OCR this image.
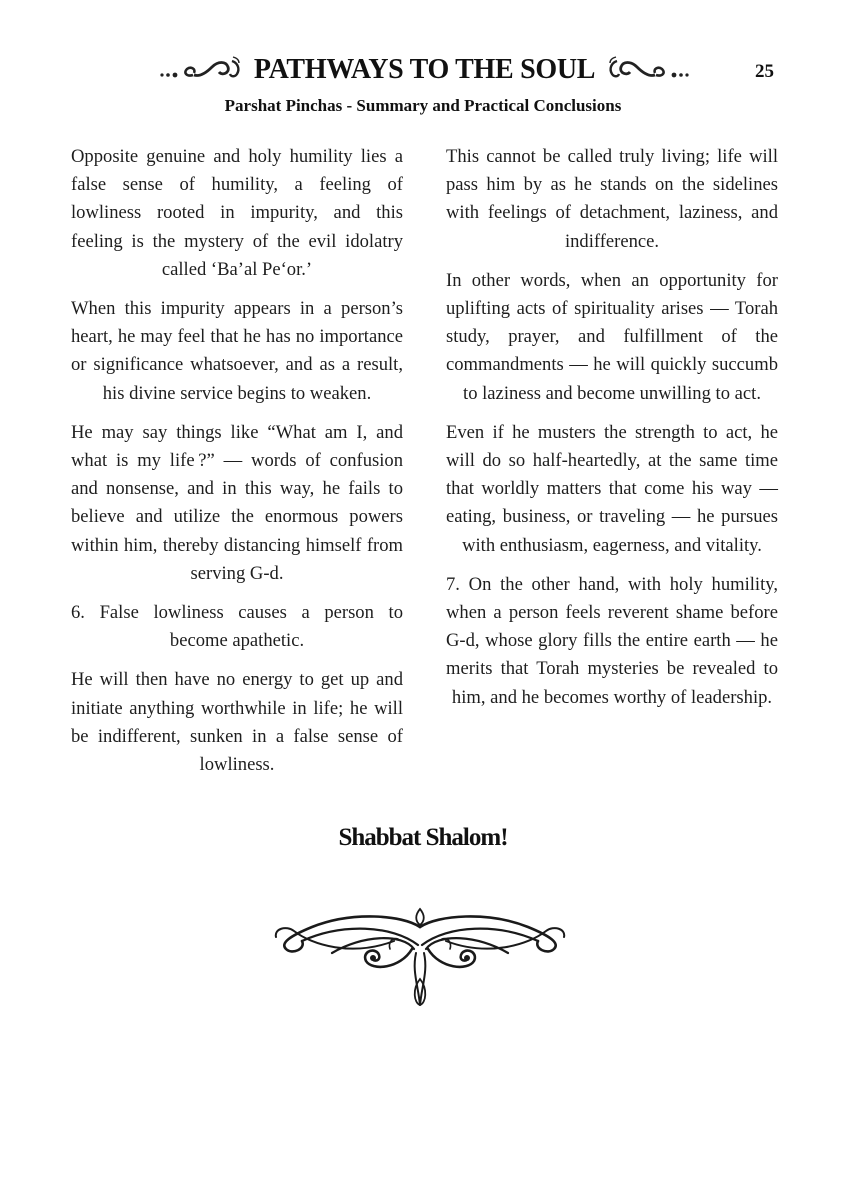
PATHWAYS TO THE SOUL	25
Parshat Pinchas - Summary and Practical Conclusions

Opposite genuine and holy humility lies a false sense of humility, a feeling of lowliness rooted in impurity, and this feeling is the mystery of the evil idolatry called ‘Ba’al Pe‘or.’

When this impurity appears in a person’s heart, he may feel that he has no importance or significance whatsoever, and as a result, his divine service begins to weaken.

He may say things like “What am I, and what is my life ?” — words of confusion and nonsense, and in this way, he fails to believe and utilize the enormous powers within him, thereby distancing himself from serving G-d.

6. False lowliness causes a person to become apathetic.

He will then have no energy to get up and initiate anything worthwhile in life; he will be indifferent, sunken in a false sense of lowliness.

This cannot be called truly living; life will pass him by as he stands on the sidelines with feelings of detachment, laziness, and indifference.

In other words, when an opportunity for uplifting acts of spirituality arises — Torah study, prayer, and fulfillment of the commandments — he will quickly succumb to laziness and become unwilling to act.

Even if he musters the strength to act, he will do so half-heartedly, at the same time that worldly matters that come his way — eating, business, or traveling — he pursues with enthusiasm, eagerness, and vitality.

7. On the other hand, with holy humility, when a person feels reverent shame before G-d, whose glory fills the entire earth — he merits that Torah mysteries be revealed to him, and he becomes worthy of leadership.

Shabbat Shalom!
